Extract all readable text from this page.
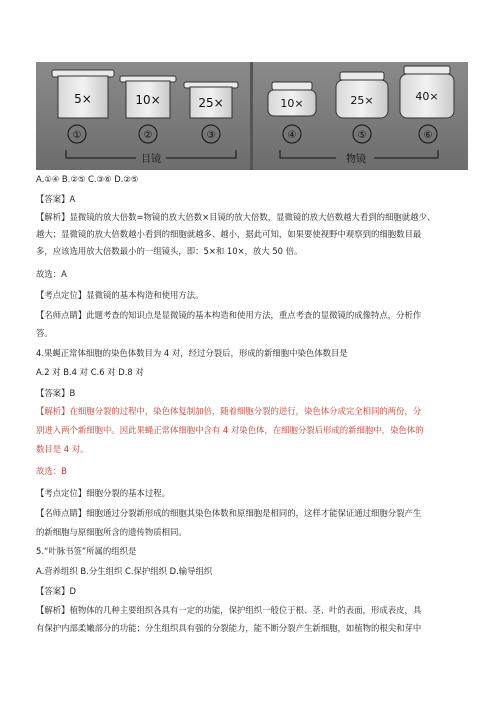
5×
①
10×
②
25×
③
目镜
10×
④
25×
⑤
40×
⑥
物镜
A.①④ B.②⑤ C.③⑥ D.②⑤
【答案】A
【解析】显微镜的放大倍数=物镜的放大倍数×目镜的放大倍数，显微镜的放大倍数越大看到的细胞就越少、
越大；显微镜的放大倍数越小看到的细胞就越多、越小，据此可知，如果要使视野中观察到的细胞数目最
多，应该选用放大倍数最小的一组镜头，即：5×和 10×，放大 50 倍。
故选：A
【考点定位】显微镜的基本构造和使用方法。
【名师点睛】此题考查的知识点是显微镜的基本构造和使用方法，重点考查的显微镜的成像特点，分析作
答。
4.果蝇正常体细胞的染色体数目为 4 对，经过分裂后，形成的新细胞中染色体数目是
A.2 对 B.4 对 C.6 对 D.8 对
【答案】B
【解析】在细胞分裂的过程中，染色体复制加倍，随着细胞分裂的进行，染色体分成完全相同的两份，分
别进入两个新细胞中。因此果蝇正常体细胞中含有 4 对染色体，在细胞分裂后形成的新细胞中，染色体的
数目是 4 对。
故选：B
【考点定位】细胞分裂的基本过程。
【名师点睛】细胞通过分裂新形成的细胞其染色体数和原细胞是相同的，这样才能保证通过细胞分裂产生
的新细胞与原细胞所含的遗传物质相同。
5.“叶脉书签”所属的组织是
A.营养组织 B.分生组织 C.保护组织 D.输导组织
【答案】D
【解析】植物体的几种主要组织各具有一定的功能，保护组织一般位于根、茎、叶的表面，形成表皮，具
有保护内部柔嫩部分的功能；分生组织具有强的分裂能力，能不断分裂产生新细胞，如植物的根尖和芽中
